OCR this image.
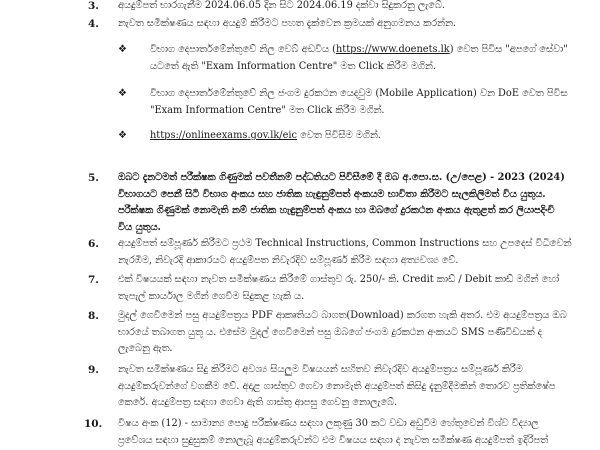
3. අයදුම්පත් භාරගැනීම 2024.06.05 දින සිට 2024.06.19 දක්වා සිදුකරනු ලැබේ.
4. නැවත සමීක්ෂණය සඳහා අයදුම් කිරීමට පහත දැක්වෙන ක්‍රමයක් අනුගමනය කරන්න.
❖ විභාග දෙපාර්තමේන්තුවේ නිල වෙබ් අඩවිය (https://www.doenets.lk) වෙත පිවිස "අපගේ සේවා"
යටතේ ඇති "Exam Information Centre" මත Click කිරීම මගින්.
❖ විභාග දෙපාර්තමේන්තුවේ නිල ජංගම දුරකථන යෙදවුම (Mobile Application) වන DoE වෙත පිවිස
"Exam Information Centre" මත Click කිරීම මගින්.
❖ https://onlineexams.gov.lk/eic වෙත පිවිසීම මගින්.
5. ඔබට දැනටමත් පරීක්ෂක ගිණුමක් පවතීනම් පද්ධතියට පිවිසීමේ දී ඔබ අ.පො.ස. (උ/පෙළ) - 2023 (2024)
විභාගයට පෙනී සිටි විභාග අංකය සහ ජාතික හැඳුනුම්පත් අංකයම භාවිතා කිරීමට සැලකිලිමත් විය යුතුය.
පරීක්ෂක ගිණුමක් නොමැති නම් ජාතික හැඳුනුම්පත් අංකය හා ඔබගේ දුරකථන අංකය ඇතුළත් කර ලියාපදිංචි
විය යුතුය.
6. අයදුම්පත් සම්පූර්ණ කිරීමට ප්‍රථම Technical Instructions, Common Instructions සහ උපදෙස් විධිවෙන්
නැරඹීම, නිවැරදි ආකාරයට අයදුම්පත නිවැරදිව සම්පූර්ණ කිරීම සඳහා අත්‍යවශ්‍ය වේ.
7. එක් විෂයයක් සඳහා නැවත සමීක්ෂණය කිරීමේ ගාස්තුව රු. 250/- කි. Credit කාඩ් / Debit කාඩ් මගින් හෝ
තැපැල් කාර්යාල මගින් ගෙවීම සිදුකළ හැකි ය.
8. මුදල් ගෙවීමෙන් පසු අයදුම්පත්‍රය PDF ආකෘතියට බාගත(Download) කරගත හැකි අතර. එම අයදුම්පත්‍රය ඔබ
භාරයේ තබාගත යුතු ය. එසේම මුදල් ගෙවීමෙන් පසු ඔබගේ ජංගම දුරකථන අංකයට SMS පණිවිඩයක් ද
ලැබෙනු ඇත.
9. නැවත සමීක්ෂණය සිදු කිරීමට අවශ්‍ය සියලුම විෂයයන් සහිතව නිවැරදිව අයදුම්පත්‍රය සම්පූර්ණ කිරීම
අයදුම්කරුවන්ගේ වගකීම වේ. අදාළ ගාස්තුව ගෙවා නොමැති අයදුම්පත් කිසිදු දැනුම්දීමකින් තොරව ප්‍රතික්ෂේප
කෙරේ. අයදුම්පත්‍ර සඳහා ගෙවා ඇති ගාස්තු ආපසු ගෙවනු නොලැබේ.
10. විෂය අංක (12) - සාමාන්‍ය පොදු පරීක්ෂණය සඳහා ලකුණු 30 කට වඩා අඩුවීම හේතුවෙන් විශ්ව විද්‍යාල
ප්‍රවේශය සඳහා සුදුසුකම් නොලැබූ අයදුම්කරුවන්ට එම විෂයය සඳහා ද නැවත සමීක්ෂණ අයදුම්පත් ඉදිරිපත්
